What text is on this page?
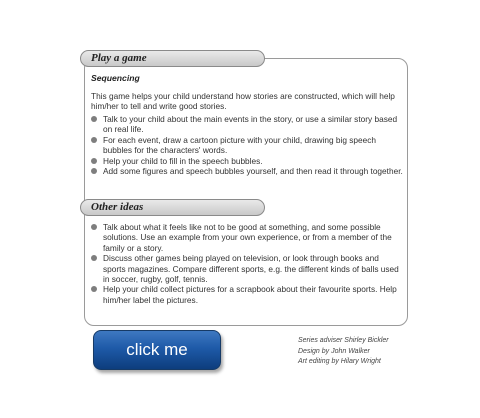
Play a game
Sequencing
This game helps your child understand how stories are constructed, which will help him/her to tell and write good stories.
Talk to your child about the main events in the story, or use a similar story based on real life.
For each event, draw a cartoon picture with your child, drawing big speech bubbles for the characters' words.
Help your child to fill in the speech bubbles.
Add some figures and speech bubbles yourself, and then read it through together.
Other ideas
Talk about what it feels like not to be good at something, and some possible solutions. Use an example from your own experience, or from a member of the family or a story.
Discuss other games being played on television, or look through books and sports magazines. Compare different sports, e.g. the different kinds of balls used in soccer, rugby, golf, tennis.
Help your child collect pictures for a scrapbook about their favourite sports. Help him/her label the pictures.
click me	Series adviser Shirley Bickler
Design by John Walker
Art editing by Hilary Wright
